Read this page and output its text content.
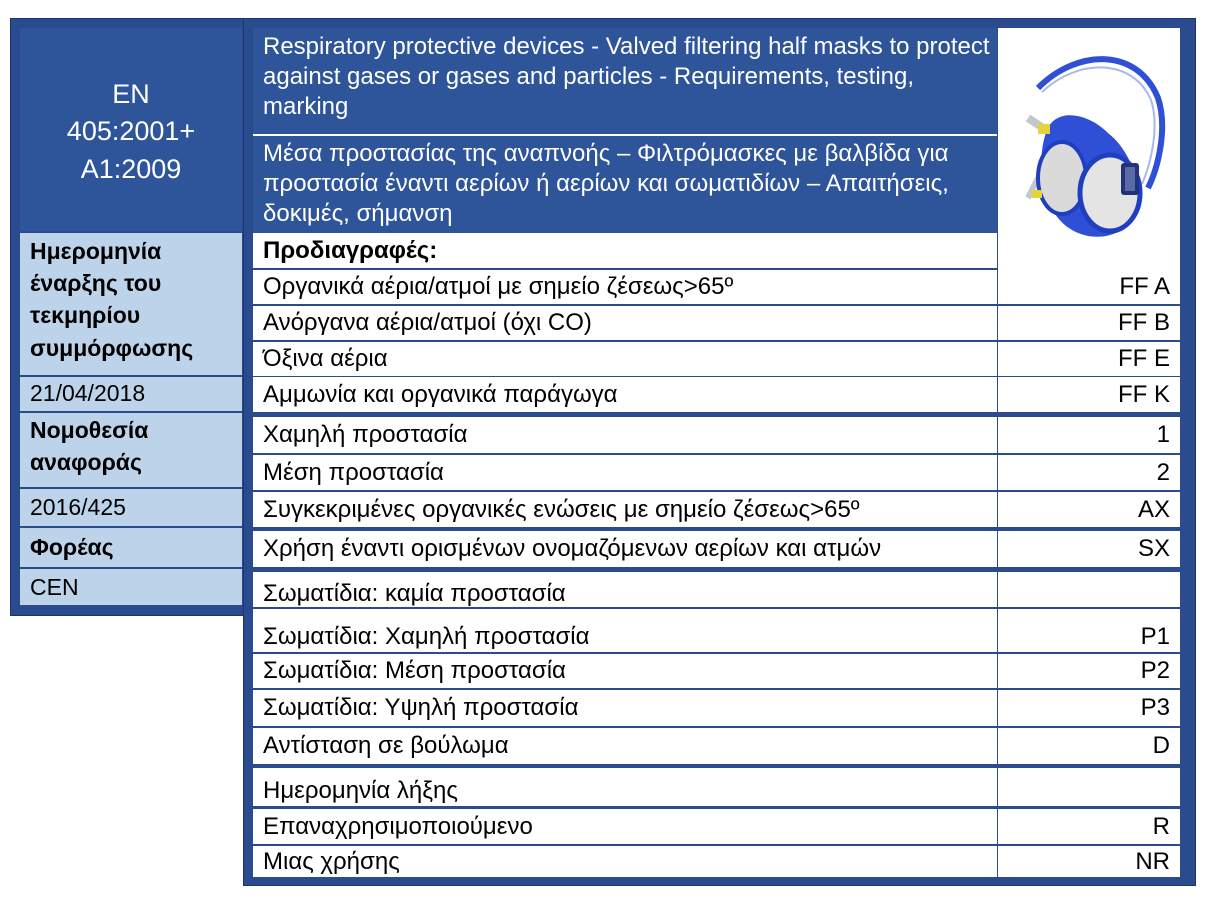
EN
405:2001+
A1:2009
Ημερομηνία έναρξης του τεκμηρίου συμμόρφωσης
21/04/2018
Νομοθεσία αναφοράς
2016/425
Φορέας
CEN
Respiratory protective devices - Valved filtering half masks to protect against gases or gases and particles - Requirements, testing, marking
Μέσα προστασίας της αναπνοής – Φιλτρόμασκες με βαλβίδα για προστασία έναντι αερίων ή αερίων και σωματιδίων – Απαιτήσεις, δοκιμές, σήμανση
Προδιαγραφές:
Οργανικά αέρια/ατμοί με σημείο ζέσεως>65º	FF A
Ανόργανα αέρια/ατμοί (όχι CO)	FF B
Όξινα αέρια	FF E
Αμμωνία και οργανικά παράγωγα	FF K
Χαμηλή προστασία	1
Μέση προστασία	2
Συγκεκριμένες οργανικές ενώσεις με σημείο ζέσεως>65º	AX
Χρήση έναντι ορισμένων ονομαζόμενων αερίων και ατμών	SX
Σωματίδια: καμία προστασία
Σωματίδια: Χαμηλή προστασία	P1
Σωματίδια: Μέση προστασία	P2
Σωματίδια: Υψηλή προστασία	P3
Αντίσταση σε βούλωμα	D
Ημερομηνία λήξης
Επαναχρησιμοποιούμενο	R
Μιας χρήσης	NR
